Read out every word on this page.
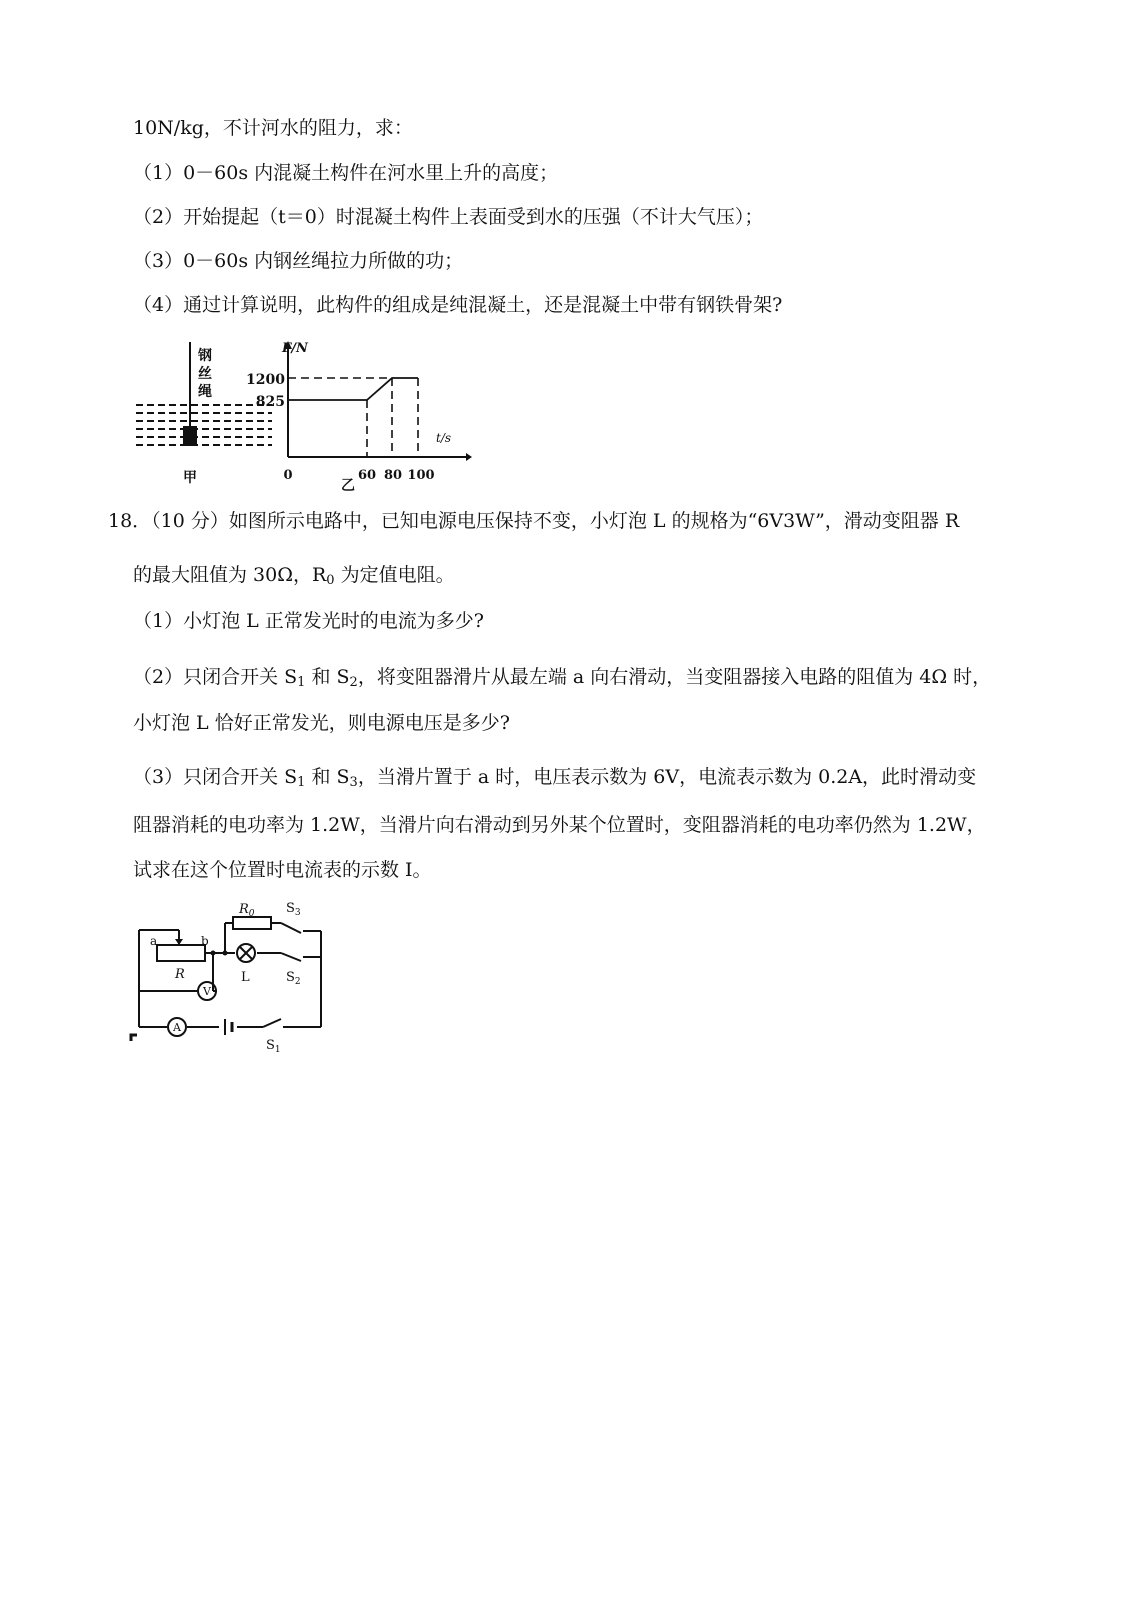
10N/kg，不计河水的阻力，求：
（1）0－60s 内混凝土构件在河水里上升的高度；
（2）开始提起（t＝0）时混凝土构件上表面受到水的压强（不计大气压）；
（3）0－60s 内钢丝绳拉力所做的功；
（4）通过计算说明，此构件的组成是纯混凝土，还是混凝土中带有钢铁骨架?
钢
丝
绳
甲
F/N
t/s
1200
825
0	60 80 100
乙
18．（10 分）如图所示电路中，已知电源电压保持不变，小灯泡 L 的规格为“6V3W”，滑动变阻器 R
的最大阻值为 30Ω，$R_0$ 为定值电阻。
（1）小灯泡 L 正常发光时的电流为多少?
（2）只闭合开关 $S_1$ 和 $S_2$，将变阻器滑片从最左端 a 向右滑动，当变阻器接入电路的阻值为 4Ω 时，
小灯泡 L 恰好正常发光，则电源电压是多少?
（3）只闭合开关 $S_1$ 和 $S_3$，当滑片置于 a 时，电压表示数为 6V，电流表示数为 0.2A，此时滑动变
阻器消耗的电功率为 1.2W，当滑片向右滑动到另外某个位置时，变阻器消耗的电功率仍然为 1.2W，
试求在这个位置时电流表的示数 I。
$R_0$ $S_3$
a	b
R	L	$S_2$
V
A
$S_1$
